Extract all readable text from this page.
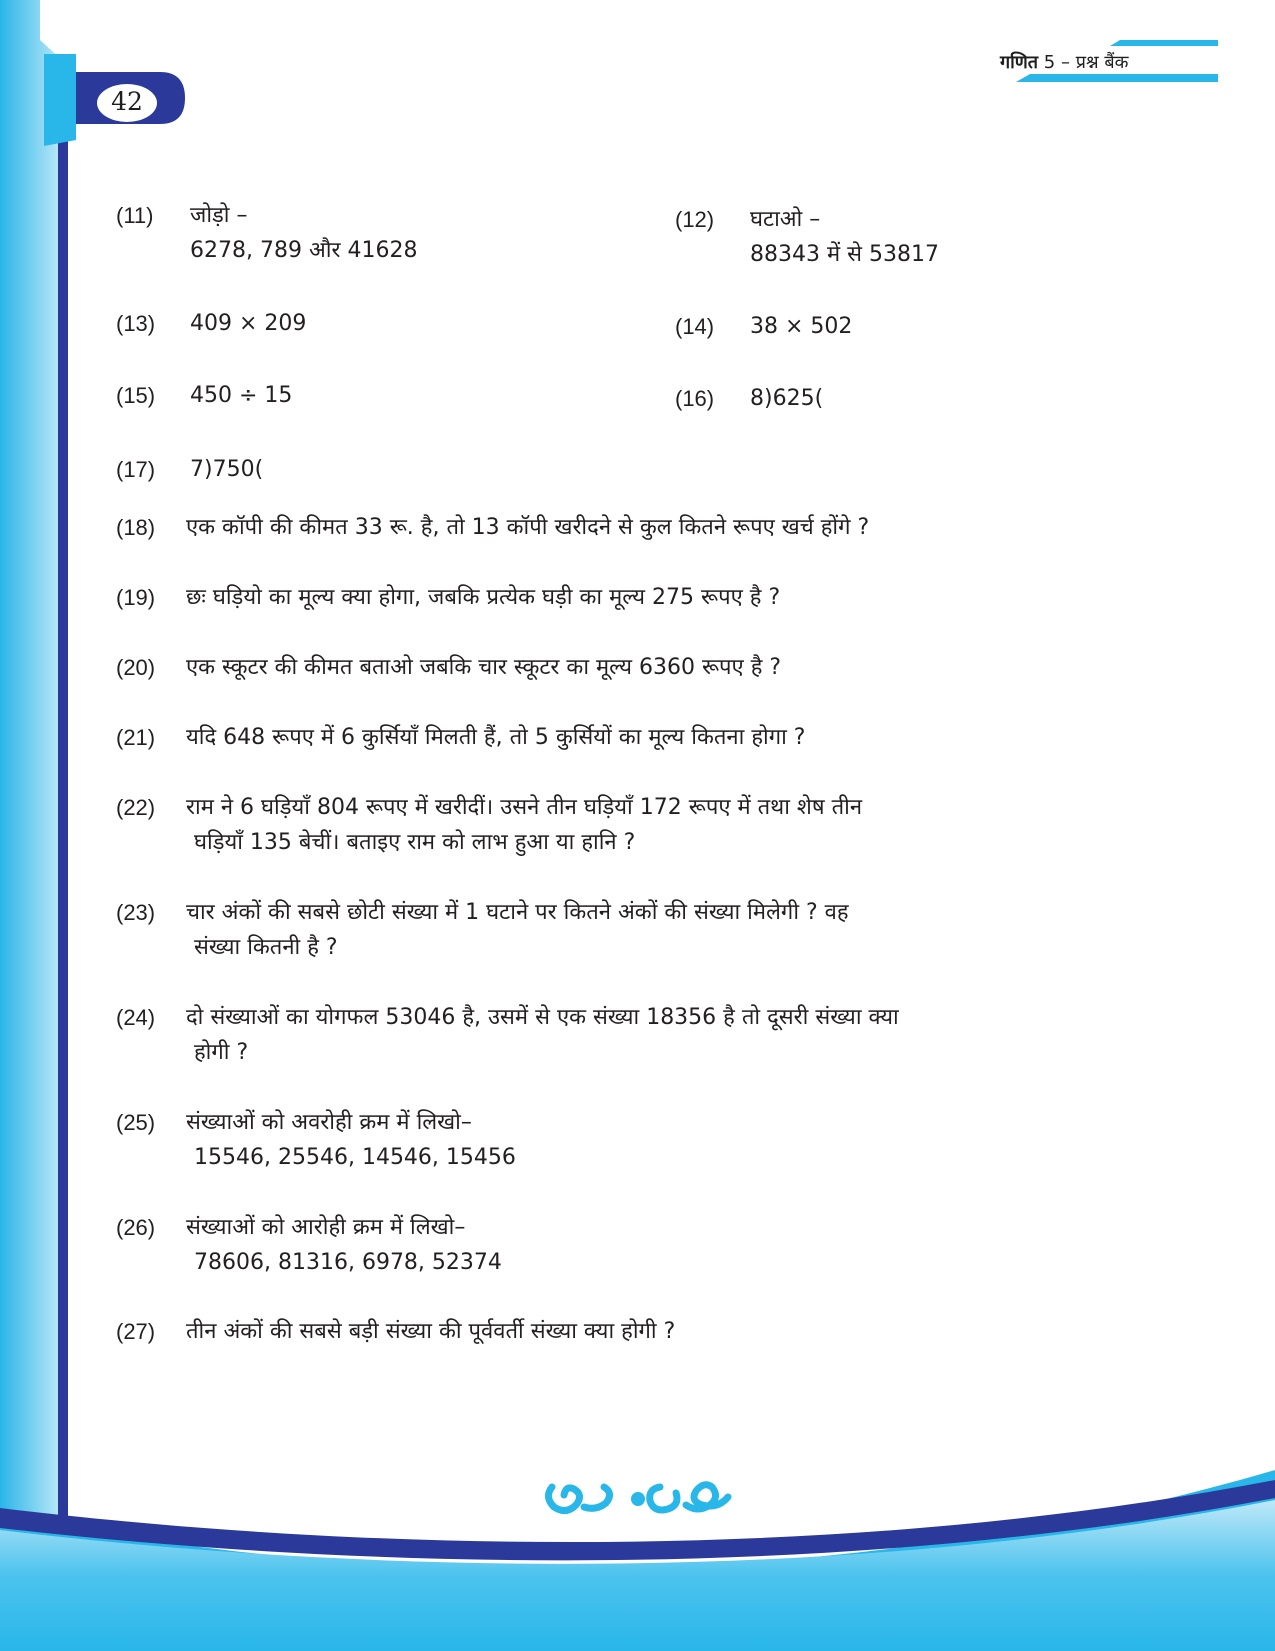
42
गणित 5 – प्रश्न बैंक
(11) जोड़ो –
6278, 789 और 41628
(12) घटाओ –
88343 में से 53817
(13) 409 × 209	(14) 38 × 502
(15) 450 ÷ 15	(16) 8)625(
(17) 7)750(
(18) एक कॉपी की कीमत 33 रू. है, तो 13 कॉपी खरीदने से कुल कितने रूपए खर्च होंगे ?
(19) छः घड़ियो का मूल्य क्या होगा, जबकि प्रत्येक घड़ी का मूल्य 275 रूपए है ?
(20) एक स्कूटर की कीमत बताओ जबकि चार स्कूटर का मूल्य 6360 रूपए है ?
(21) यदि 648 रूपए में 6 कुर्सियाँ मिलती हैं, तो 5 कुर्सियों का मूल्य कितना होगा ?
(22) राम ने 6 घड़ियाँ 804 रूपए में खरीदीं। उसने तीन घड़ियाँ 172 रूपए में तथा शेष तीन
घड़ियाँ 135 बेचीं। बताइए राम को लाभ हुआ या हानि ?
(23) चार अंकों की सबसे छोटी संख्या में 1 घटाने पर कितने अंकों की संख्या मिलेगी ? वह
संख्या कितनी है ?
(24) दो संख्याओं का योगफल 53046 है, उसमें से एक संख्या 18356 है तो दूसरी संख्या क्या
होगी ?
(25) संख्याओं को अवरोही क्रम में लिखो–
15546, 25546, 14546, 15456
(26) संख्याओं को आरोही क्रम में लिखो–
78606, 81316, 6978, 52374
(27) तीन अंकों की सबसे बड़ी संख्या की पूर्ववर्ती संख्या क्या होगी ?
